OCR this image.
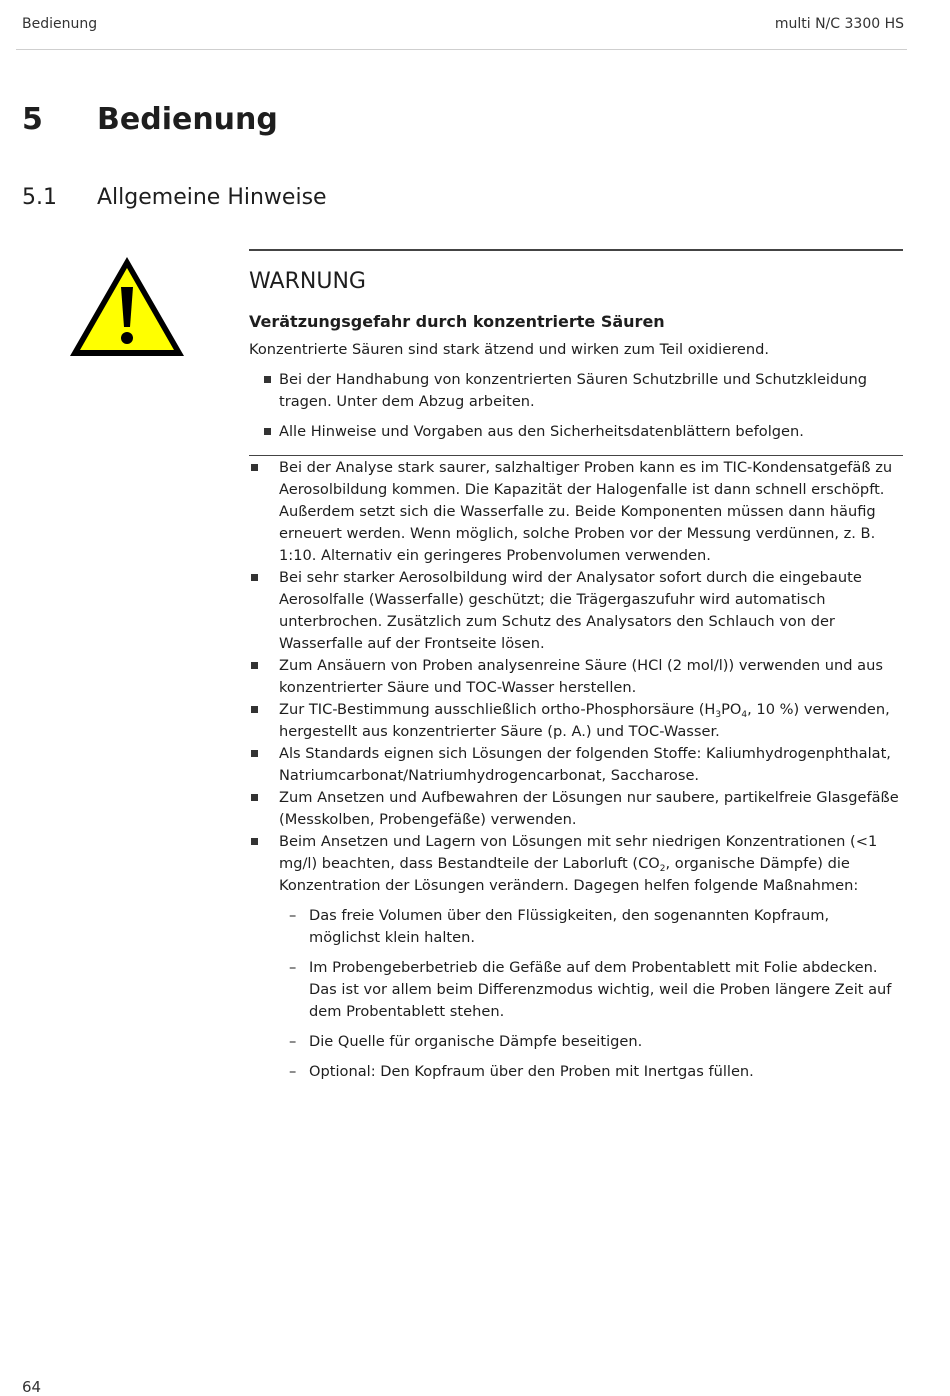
Bedienung	multi N/C 3300 HS
5 Bedienung
5.1 Allgemeine Hinweise
WARNUNG
Verätzungsgefahr durch konzentrierte Säuren
Konzentrierte Säuren sind stark ätzend und wirken zum Teil oxidierend.
Bei der Handhabung von konzentrierten Säuren Schutzbrille und Schutzkleidung tragen. Unter dem Abzug arbeiten.
Alle Hinweise und Vorgaben aus den Sicherheitsdatenblättern befolgen.
Bei der Analyse stark saurer, salzhaltiger Proben kann es im TIC-Kondensatgefäß zu Aerosolbildung kommen. Die Kapazität der Halogenfalle ist dann schnell erschöpft. Außerdem setzt sich die Wasserfalle zu. Beide Komponenten müssen dann häufig erneuert werden. Wenn möglich, solche Proben vor der Messung verdünnen, z. B. 1:10. Alternativ ein geringeres Probenvolumen verwenden.
Bei sehr starker Aerosolbildung wird der Analysator sofort durch die eingebaute Aerosolfalle (Wasserfalle) geschützt; die Trägergaszufuhr wird automatisch unterbrochen. Zusätzlich zum Schutz des Analysators den Schlauch von der Wasserfalle auf der Frontseite lösen.
Zum Ansäuern von Proben analysenreine Säure (HCl (2 mol/l)) verwenden und aus konzentrierter Säure und TOC-Wasser herstellen.
Zur TIC-Bestimmung ausschließlich ortho-Phosphorsäure ($H_3PO_4$, 10 %) verwenden, hergestellt aus konzentrierter Säure (p. A.) und TOC-Wasser.
Als Standards eignen sich Lösungen der folgenden Stoffe: Kaliumhydrogenphthalat, Natriumcarbonat/Natriumhydrogencarbonat, Saccharose.
Zum Ansetzen und Aufbewahren der Lösungen nur saubere, partikelfreie Glasgefäße (Messkolben, Probengefäße) verwenden.
Beim Ansetzen und Lagern von Lösungen mit sehr niedrigen Konzentrationen (<1 mg/l) beachten, dass Bestandteile der Laborluft ($CO_2$, organische Dämpfe) die Konzentration der Lösungen verändern. Dagegen helfen folgende Maßnahmen:
– Das freie Volumen über den Flüssigkeiten, den sogenannten Kopfraum, möglichst klein halten.
– Im Probengeberbetrieb die Gefäße auf dem Probentablett mit Folie abdecken. Das ist vor allem beim Differenzmodus wichtig, weil die Proben längere Zeit auf dem Probentablett stehen.
– Die Quelle für organische Dämpfe beseitigen.
– Optional: Den Kopfraum über den Proben mit Inertgas füllen.
64
